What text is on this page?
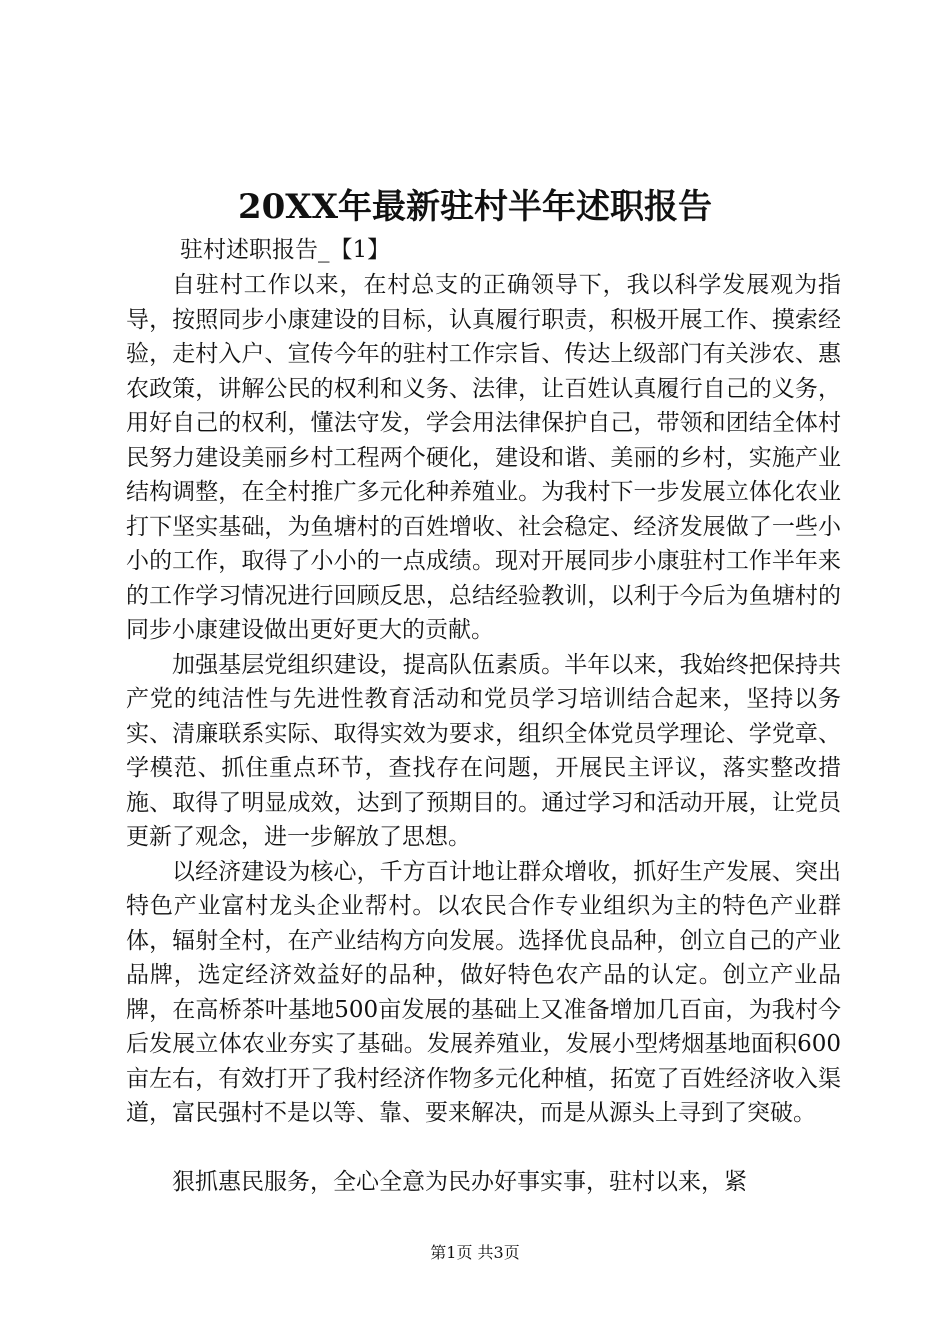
20XX年最新驻村半年述职报告
驻村述职报告_【1】

自驻村工作以来，在村总支的正确领导下，我以科学发展观为指导，按照同步小康建设的目标，认真履行职责，积极开展工作、摸索经验，走村入户、宣传今年的驻村工作宗旨、传达上级部门有关涉农、惠农政策，讲解公民的权利和义务、法律，让百姓认真履行自己的义务，用好自己的权利，懂法守发，学会用法律保护自己，带领和团结全体村民努力建设美丽乡村工程两个硬化，建设和谐、美丽的乡村，实施产业结构调整，在全村推广多元化种养殖业。为我村下一步发展立体化农业打下坚实基础，为鱼塘村的百姓增收、社会稳定、经济发展做了一些小小的工作，取得了小小的一点成绩。现对开展同步小康驻村工作半年来的工作学习情况进行回顾反思，总结经验教训，以利于今后为鱼塘村的同步小康建设做出更好更大的贡献。

加强基层党组织建设，提高队伍素质。半年以来，我始终把保持共产党的纯洁性与先进性教育活动和党员学习培训结合起来，坚持以务实、清廉联系实际、取得实效为要求，组织全体党员学理论、学党章、学模范、抓住重点环节，查找存在问题，开展民主评议，落实整改措施、取得了明显成效，达到了预期目的。通过学习和活动开展，让党员更新了观念，进一步解放了思想。

以经济建设为核心，千方百计地让群众增收，抓好生产发展、突出特色产业富村龙头企业帮村。以农民合作专业组织为主的特色产业群体，辐射全村，在产业结构方向发展。选择优良品种，创立自己的产业品牌，选定经济效益好的品种，做好特色农产品的认定。创立产业品牌，在高桥茶叶基地500亩发展的基础上又准备增加几百亩，为我村今后发展立体农业夯实了基础。发展养殖业，发展小型烤烟基地面积600亩左右，有效打开了我村经济作物多元化种植，拓宽了百姓经济收入渠道，富民强村不是以等、靠、要来解决，而是从源头上寻到了突破。

狠抓惠民服务，全心全意为民办好事实事，驻村以来，紧

第1页 共3页
